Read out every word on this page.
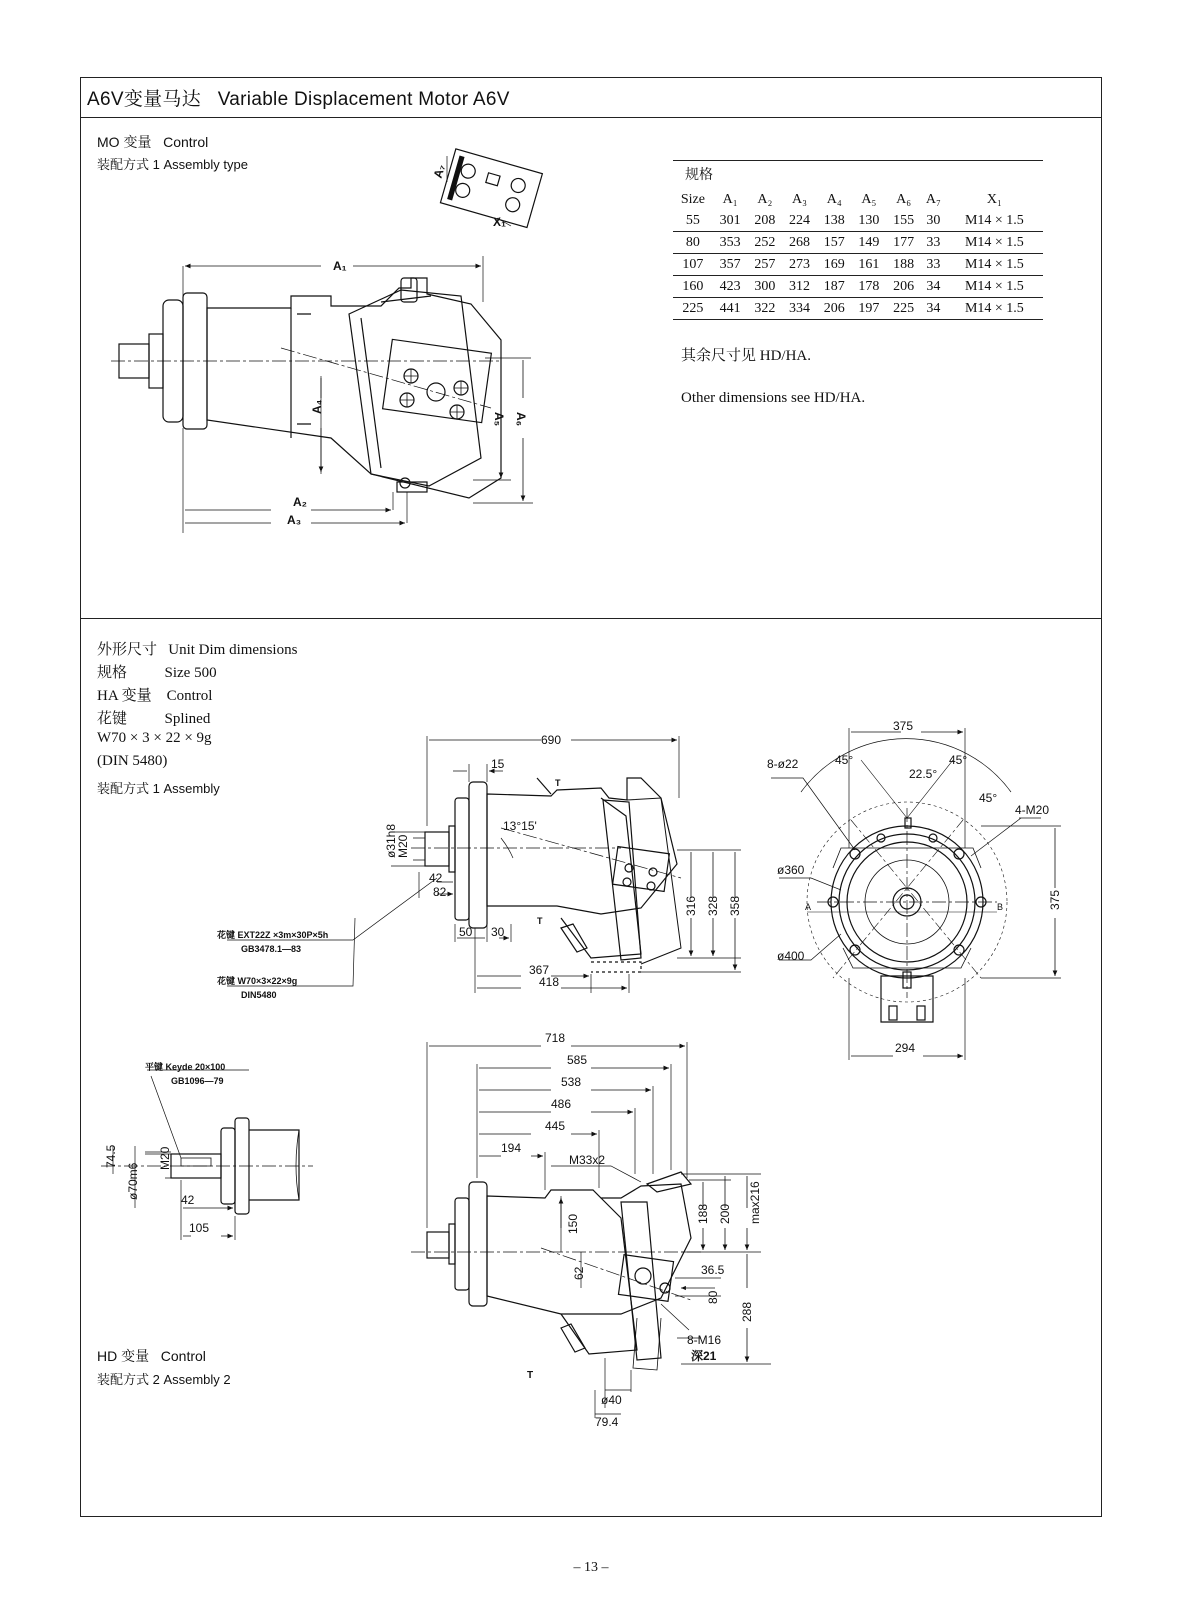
A6V变量马达   Variable Displacement Motor A6V
MO 变量   Control
装配方式 1 Assembly type
规格								
Size	A₁	A₂	A₃	A₄	A₅	A₆	A₇	X₁
55	301	208	224	138	130	155	30	M14 × 1.5
80	353	252	268	157	149	177	33	M14 × 1.5
107	357	257	273	169	161	188	33	M14 × 1.5
160	423	300	312	187	178	206	34	M14 × 1.5
225	441	322	334	206	197	225	34	M14 × 1.5
其余尺寸见 HD/HA.
Other dimensions see HD/HA.
外形尺寸   Unit Dim dimensions
规格          Size 500
HA 变量    Control
花键          Splined
W70 × 3 × 22 × 9g
(DIN 5480)
装配方式 1 Assembly
HD 变量   Control
装配方式 2 Assembly 2
A₁
A₂
A₃
A₄
A₅ A₆
A₇
X₁
690
15
13°15'
ø31h8
M20
42
82
50 30
367
418
316 328 358
T
T
花键 EXT22Z ×3m×30P×5h
GB3478.1—83
花键 W70×3×22×9g
DIN5480
375
8-ø22	45°	45°
22.5°
45°
4-M20
ø360
ø400
A	B	375
294
平键 Keyde 20×100
GB1096—79
74.5	M20
ø70m6	42
105
718
585
538
486
445
194
M33x2
150
62
188 200 max216
36.5
80
288
8-M16
深21
ø40
79.4
T
– 13 –
